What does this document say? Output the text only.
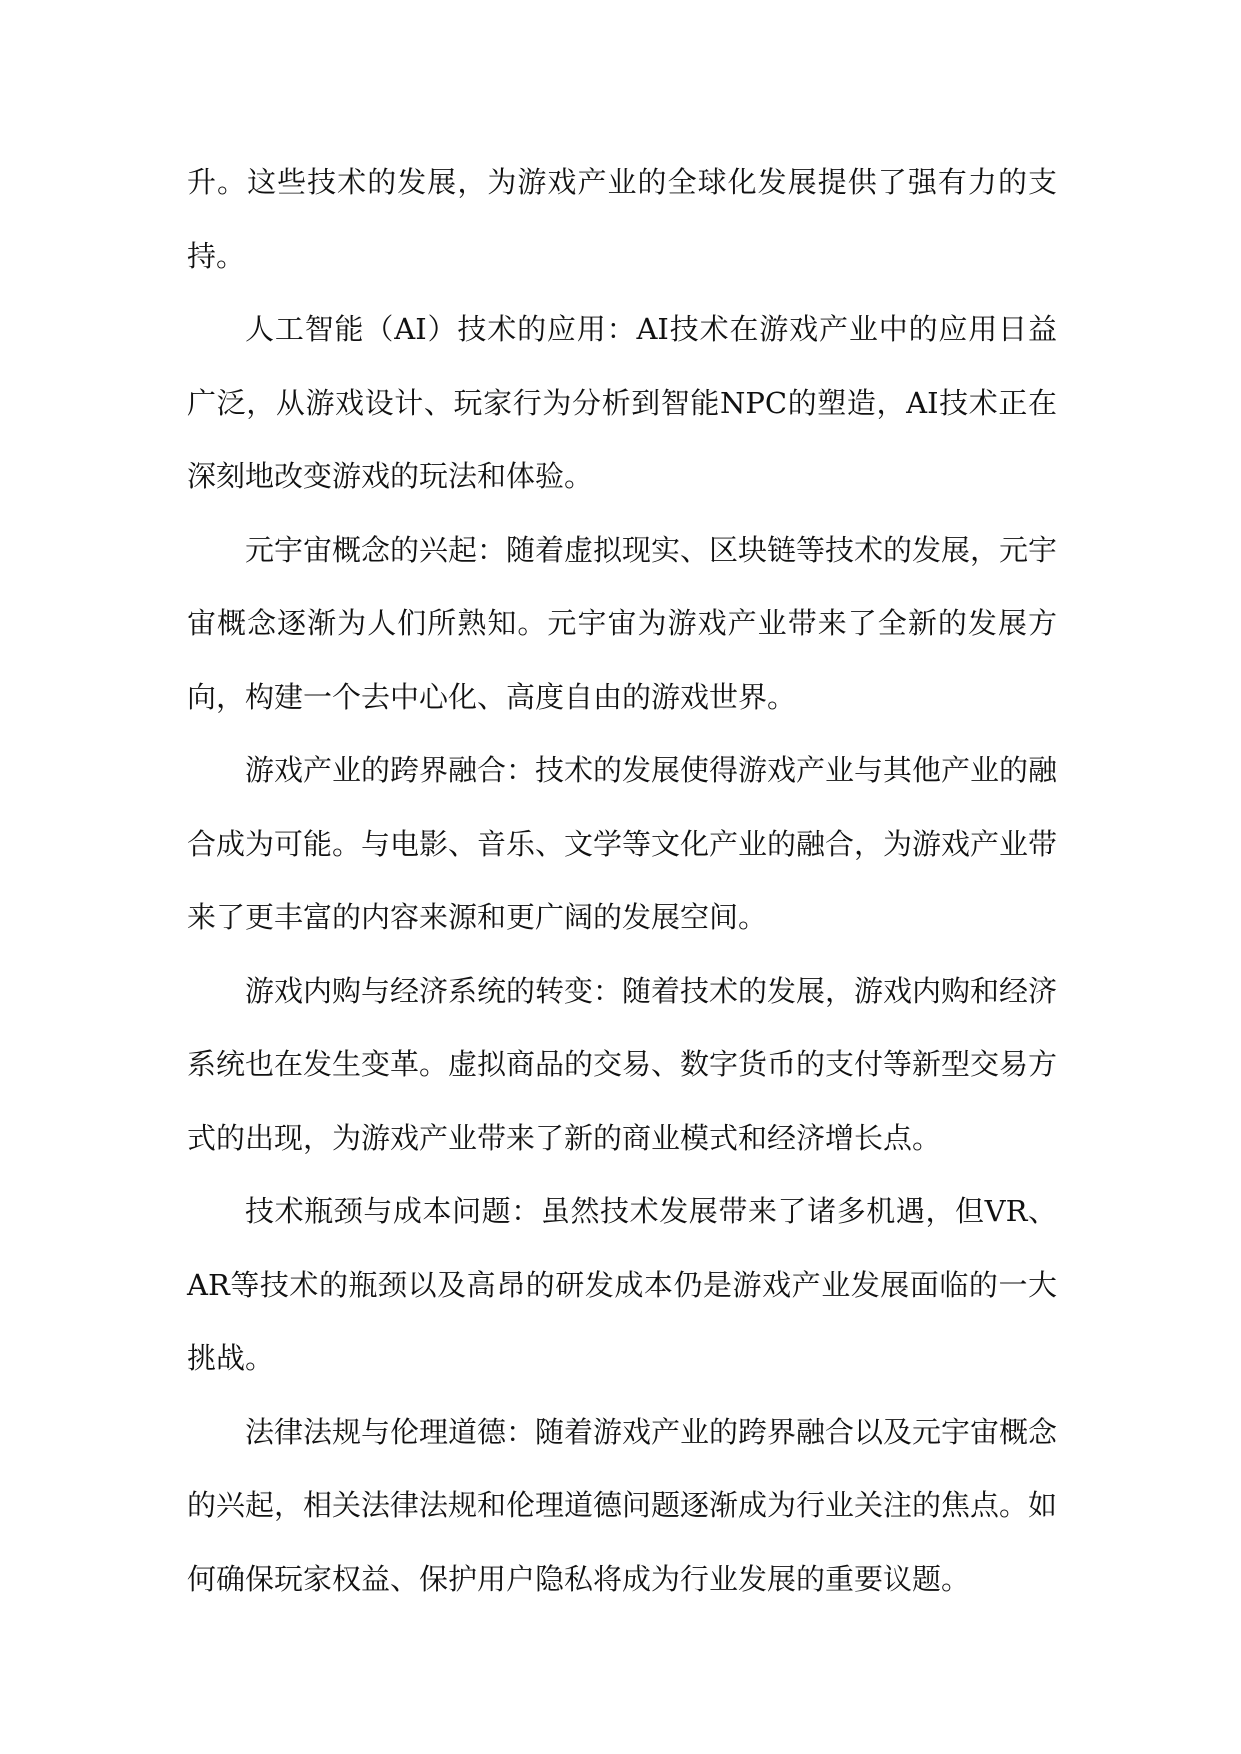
升。这些技术的发展，为游戏产业的全球化发展提供了强有力的支持。

人工智能（AI）技术的应用：AI技术在游戏产业中的应用日益广泛，从游戏设计、玩家行为分析到智能NPC的塑造，AI技术正在深刻地改变游戏的玩法和体验。

元宇宙概念的兴起：随着虚拟现实、区块链等技术的发展，元宇宙概念逐渐为人们所熟知。元宇宙为游戏产业带来了全新的发展方向，构建一个去中心化、高度自由的游戏世界。

游戏产业的跨界融合：技术的发展使得游戏产业与其他产业的融合成为可能。与电影、音乐、文学等文化产业的融合，为游戏产业带来了更丰富的内容来源和更广阔的发展空间。

游戏内购与经济系统的转变：随着技术的发展，游戏内购和经济系统也在发生变革。虚拟商品的交易、数字货币的支付等新型交易方式的出现，为游戏产业带来了新的商业模式和经济增长点。

技术瓶颈与成本问题：虽然技术发展带来了诸多机遇，但VR、AR等技术的瓶颈以及高昂的研发成本仍是游戏产业发展面临的一大挑战。

法律法规与伦理道德：随着游戏产业的跨界融合以及元宇宙概念的兴起，相关法律法规和伦理道德问题逐渐成为行业关注的焦点。如何确保玩家权益、保护用户隐私将成为行业发展的重要议题。
